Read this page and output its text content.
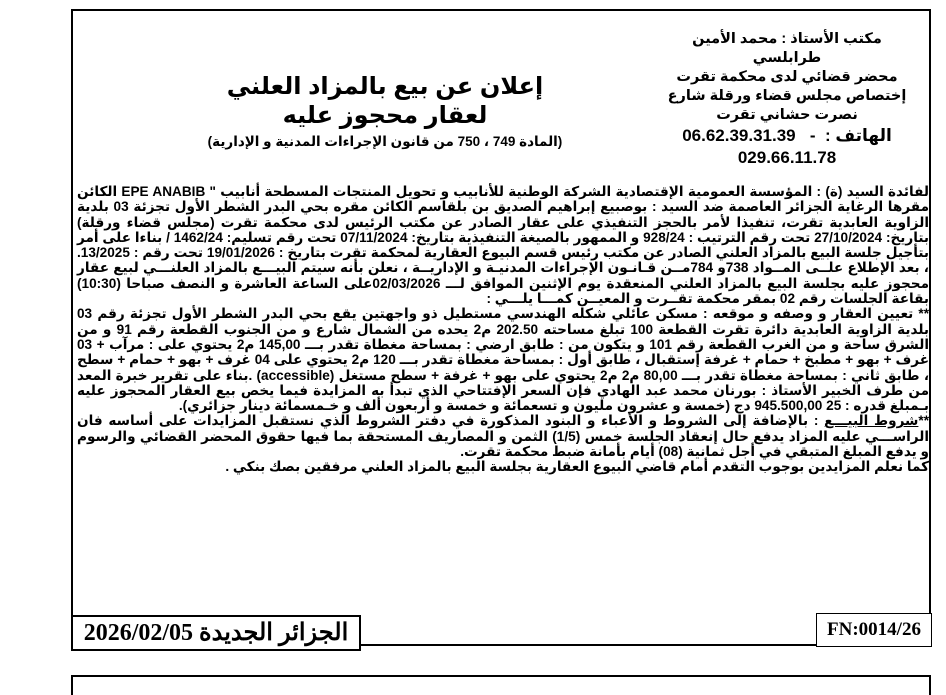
مكتب الأستاذ : محمد الأمين طرابلسي
محضر قضائي لدى محكمة تقرت
إختصاص مجلس قضاء ورقلة شارع
نصرت حشاني تقرت
الهاتف :  -   06.62.39.31.39
029.66.11.78
إعلان عن بيع بالمزاد العلني
لعقار محجوز عليه
(المادة 749 ، 750 من قانون الإجراءات المدنية و الإدارية)

لفائدة السيد (ة) : المؤسسة العمومية الإقتصادية الشركة الوطنية للأنابيب و تحويل المنتجات المسطحة أنابيب " EPE ANABIB الكائن مقرها الرغاية الجزائر العاصمة ضد السيد : بوصبيع إبراهيم الصديق بن بلقاسم الكائن مقره بحي البدر الشطر الأول تجزئة 03 بلدية الزاوية العابدية تقرت، تنفيذا لأمر بالحجز التنفيذي على عقار الصادر عن مكتب الرئيس لدى محكمة تقرت (مجلس قضاء ورقلة) بتاريخ: 27/10/2024 تحت رقم الترتيب : 928/24 و الممهور بالصيغة التنفيذية بتاريخ: 07/11/2024 تحت رقم تسليم: 1462/24 / بناءا على أمر بتأجيل جلسة البيع بالمزاد العلني الصادر عن مكتب رئيس قسم البيوع العقارية لمحكمة تقرت بتاريخ : 19/01/2026 تحت رقم : 13/2025. ، بعد الإطلاع علــى المــواد 738و 784مــن قـانـون الإجراءات المدنيـة و الإداريــة ، نعلن بأنه سيتم البيـــع بالمزاد العلنـــي لبيع عقار محجوز عليه بجلسة البيع بالمزاد العلني المنعقدة يوم الإثنين الموافق لـــ 02/03/2026على الساعة العاشرة و النصف صباحا (10:30) بقاعة الجلسات رقم 02 بمقر محكمة تقــرت و المعيــن كمـــا يلـــي :

** تعيين العقار و وصفه و موقعه : مسكن عائلي شكله الهندسي مستطيل ذو واجهتين يقع بحي البدر الشطر الأول تجزئة رقم 03 بلدية الزاوية العابدية دائرة تقرت القطعة 100 تبلغ مساحته 202.50 م2 يحده من الشمال شارع و من الجنوب القطعة رقم 91 و من الشرق ساحة و من الغرب القطعة رقم 101 و يتكون من : طابق ارضي : بمساحة مغطاة تقدر بـــ 145,00 م2 يحتوي على : مرآب + 03 غرف + بهو + مطبخ + حمام + غرفة إستقبال ، طابق أول : بمساحة مغطاة تقدر بـــ 120 م2 يحتوي على 04 غرف + بهو + حمام + سطح ، طابق ثاني : بمساحة مغطاة تقدر بـــ 80,00 م2 م2 يحتوي على بهو + غرفة + سطح مستغل (accessible) .بناء على تقرير خبرة المعد من طرف الخبير الأستاذ : بورنان محمد عبد الهادي فإن السعر الإفتتاحي الذي تبدأ به المزايدة فيما يخص بيع العقار المحجوز عليه بـمبلغ قدره : 25 945.500,00 دج (خمسة و عشرون مليون و تسعمائة و خمسة و أربعون ألف و خـمسمائة دينار جزائري).

**شروط البيـــع : بالإضافة إلى الشروط و الأعباء و البنود المذكورة في دفتر الشروط الذي نستقبل المزايدات على أساسه فان الراســـي عليه المزاد يدفع حال إنعقاد الجلسة خمس (1/5) الثمن و المصاريف المستحقة بما فيها حقوق المحضر القضائي والرسوم و يدفع المبلغ المتبقي في أجل ثمانية (08) أيام بأمانة ضبط محكمة تقرت.

كما نعلم المزايدين بوجوب التقدم أمام قاضي البيوع العقارية بجلسة البيع بالمزاد العلني مرفقين بصك بنكي .

الجزائر الجديدة 2026/02/05	FN:0014/26
